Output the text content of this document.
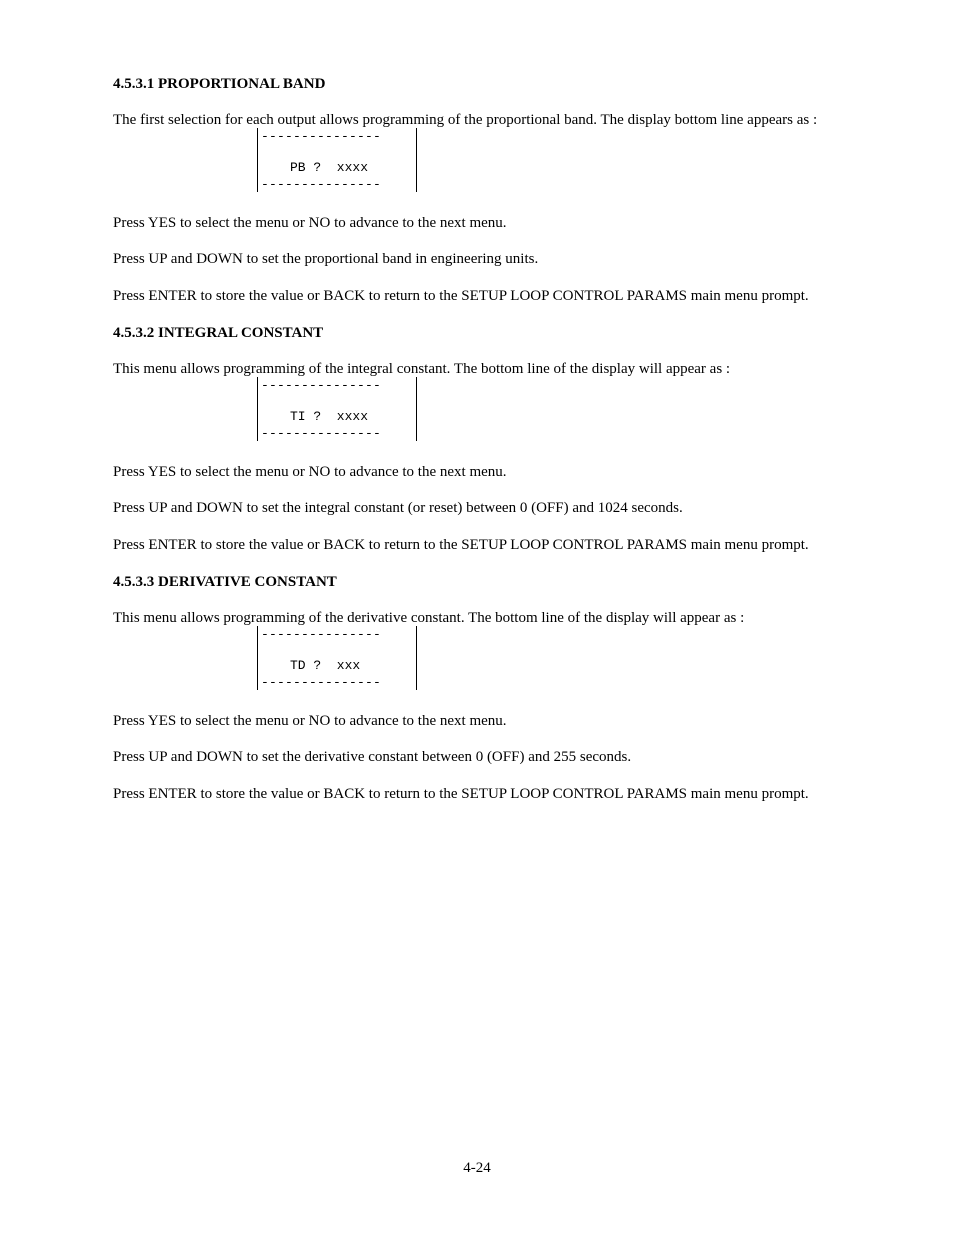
4.5.3.1 PROPORTIONAL BAND

The first selection for each output allows programming of the proportional band. The display bottom line appears as :

---------------
PB ?  xxxx
---------------

Press YES to select the menu or NO to advance to the next menu.

Press UP and DOWN to set the proportional band in engineering units.

Press ENTER to store the value or BACK to return to the SETUP LOOP CONTROL PARAMS main menu prompt.

4.5.3.2 INTEGRAL CONSTANT

This menu allows programming of the integral constant. The bottom line of the display will appear as :

---------------
TI ?  xxxx
---------------

Press YES to select the menu or NO to advance to the next menu.

Press UP and DOWN to set the integral constant (or reset) between 0 (OFF) and 1024 seconds.

Press ENTER to store the value or BACK to return to the SETUP LOOP CONTROL PARAMS main menu prompt.

4.5.3.3 DERIVATIVE CONSTANT

This menu allows programming of the derivative constant. The bottom line of the display will appear as :

---------------
TD ?  xxx
---------------

Press YES to select the menu or NO to advance to the next menu.

Press UP and DOWN to set the derivative constant between 0 (OFF) and 255 seconds.

Press ENTER to store the value or BACK to return to the SETUP LOOP CONTROL PARAMS main menu prompt.

4-24
